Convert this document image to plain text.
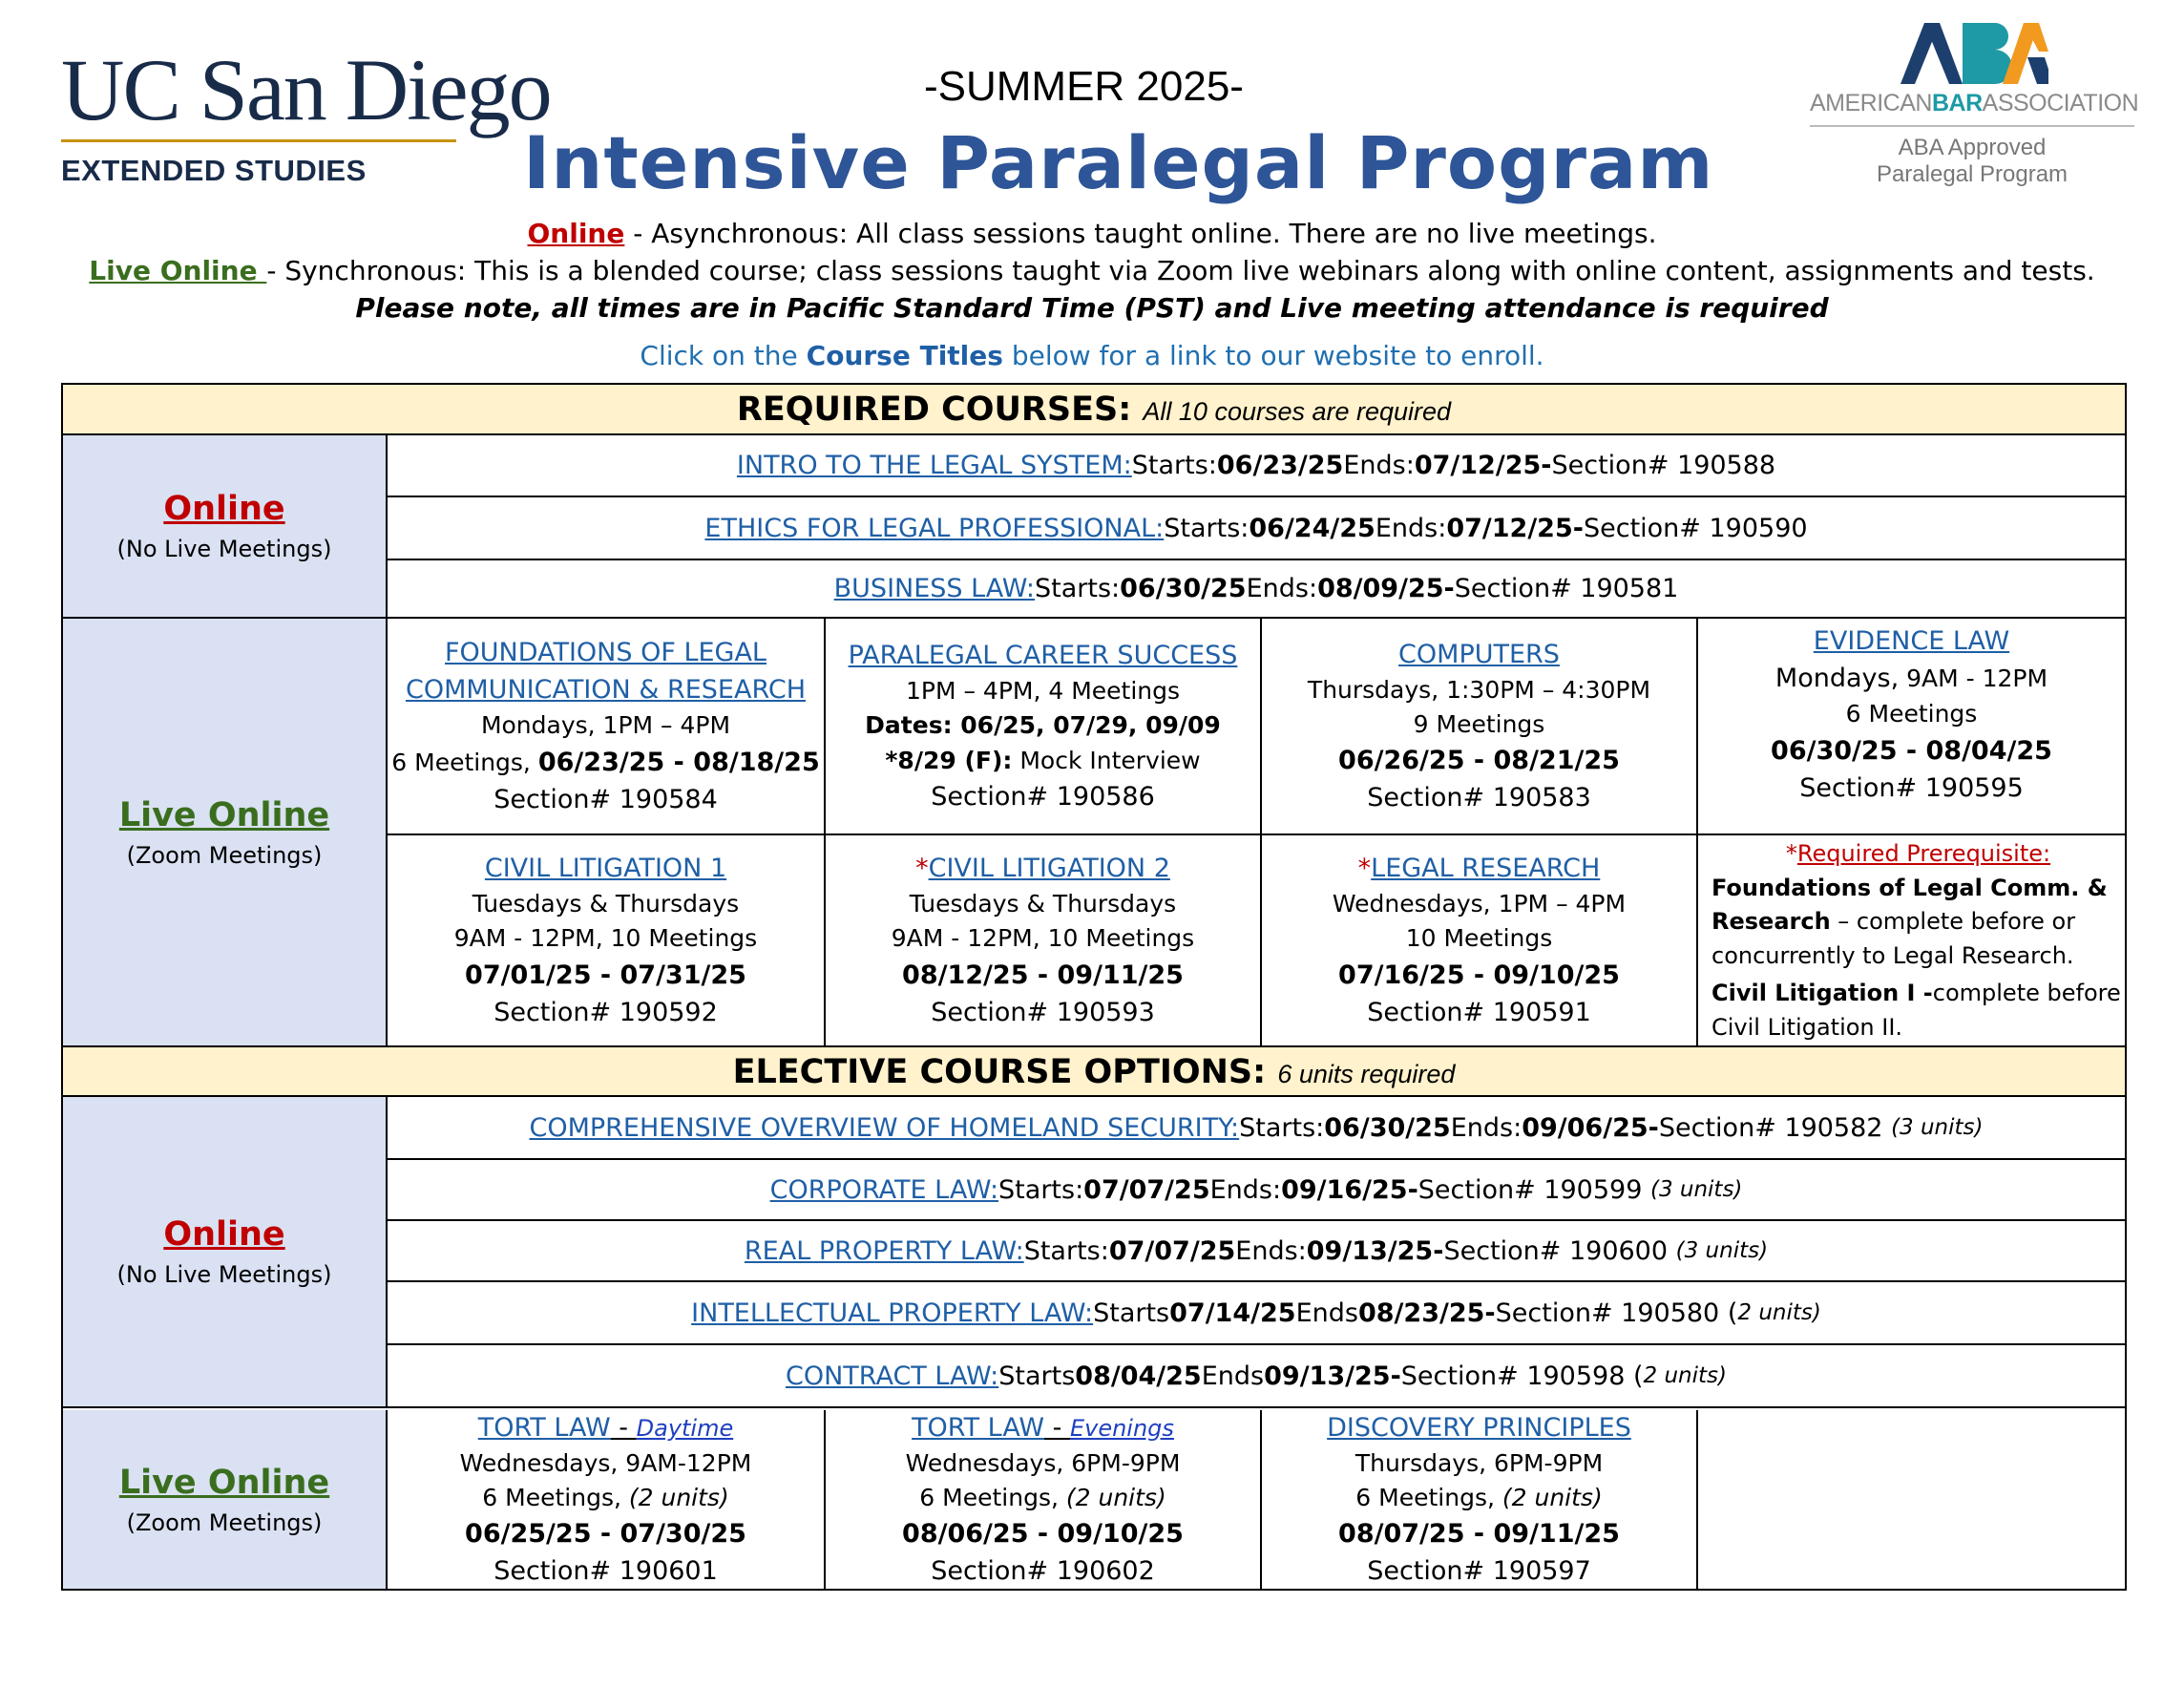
UC San Diego
EXTENDED STUDIES
-SUMMER 2025-
Intensive Paralegal Program
AMERICANBARASSOCIATION
ABA Approved
Paralegal Program
Online - Asynchronous: All class sessions taught online. There are no live meetings.
Live Online - Synchronous: This is a blended course; class sessions taught via Zoom live webinars along with online content, assignments and tests.
Please note, all times are in Pacific Standard Time (PST) and Live meeting attendance is required
Click on the Course Titles below for a link to our website to enroll.
REQUIRED COURSES: All 10 courses are required
Online
(No Live Meetings)
INTRO TO THE LEGAL SYSTEM: Starts: 06/23/25 Ends: 07/12/25 - Section# 190588
ETHICS FOR LEGAL PROFESSIONAL: Starts: 06/24/25 Ends: 07/12/25 - Section# 190590
BUSINESS LAW: Starts: 06/30/25 Ends: 08/09/25 - Section# 190581
Live Online
(Zoom Meetings)
FOUNDATIONS OF LEGAL
COMMUNICATION & RESEARCH
Mondays, 1PM – 4PM
6 Meetings, 06/23/25 - 08/18/25
Section# 190584
PARALEGAL CAREER SUCCESS
1PM – 4PM, 4 Meetings
Dates: 06/25, 07/29, 09/09
*8/29 (F): Mock Interview
Section# 190586
COMPUTERS
Thursdays, 1:30PM – 4:30PM
9 Meetings
06/26/25 - 08/21/25
Section# 190583
EVIDENCE LAW
Mondays, 9AM - 12PM
6 Meetings
06/30/25 - 08/04/25
Section# 190595
CIVIL LITIGATION 1
Tuesdays & Thursdays
9AM - 12PM, 10 Meetings
07/01/25 - 07/31/25
Section# 190592
*CIVIL LITIGATION 2
Tuesdays & Thursdays
9AM - 12PM, 10 Meetings
08/12/25 - 09/11/25
Section# 190593
*LEGAL RESEARCH
Wednesdays, 1PM – 4PM
10 Meetings
07/16/25 - 09/10/25
Section# 190591
*Required Prerequisite:
Foundations of Legal Comm. & Research – complete before or concurrently to Legal Research.
Civil Litigation I -complete before Civil Litigation II.
ELECTIVE COURSE OPTIONS: 6 units required
Online
(No Live Meetings)
COMPREHENSIVE OVERVIEW OF HOMELAND SECURITY: Starts: 06/30/25 Ends: 09/06/25 - Section# 190582
(3 units)
CORPORATE LAW: Starts: 07/07/25 Ends: 09/16/25 - Section# 190599
(3 units)
REAL PROPERTY LAW: Starts: 07/07/25 Ends: 09/13/25 - Section# 190600
(3 units)
INTELLECTUAL PROPERTY LAW: Starts 07/14/25 Ends 08/23/25 - Section# 190580
( 2 units)
CONTRACT LAW: Starts 08/04/25 Ends 09/13/25 - Section# 190598
( 2 units)
Live Online
(Zoom Meetings)
TORT LAW - Daytime
Wednesdays, 9AM-12PM
6 Meetings, (2 units)
06/25/25 - 07/30/25
Section# 190601
TORT LAW - Evenings
Wednesdays, 6PM-9PM
6 Meetings, (2 units)
08/06/25 - 09/10/25
Section# 190602
DISCOVERY PRINCIPLES
Thursdays, 6PM-9PM
6 Meetings, (2 units)
08/07/25 - 09/11/25
Section# 190597
